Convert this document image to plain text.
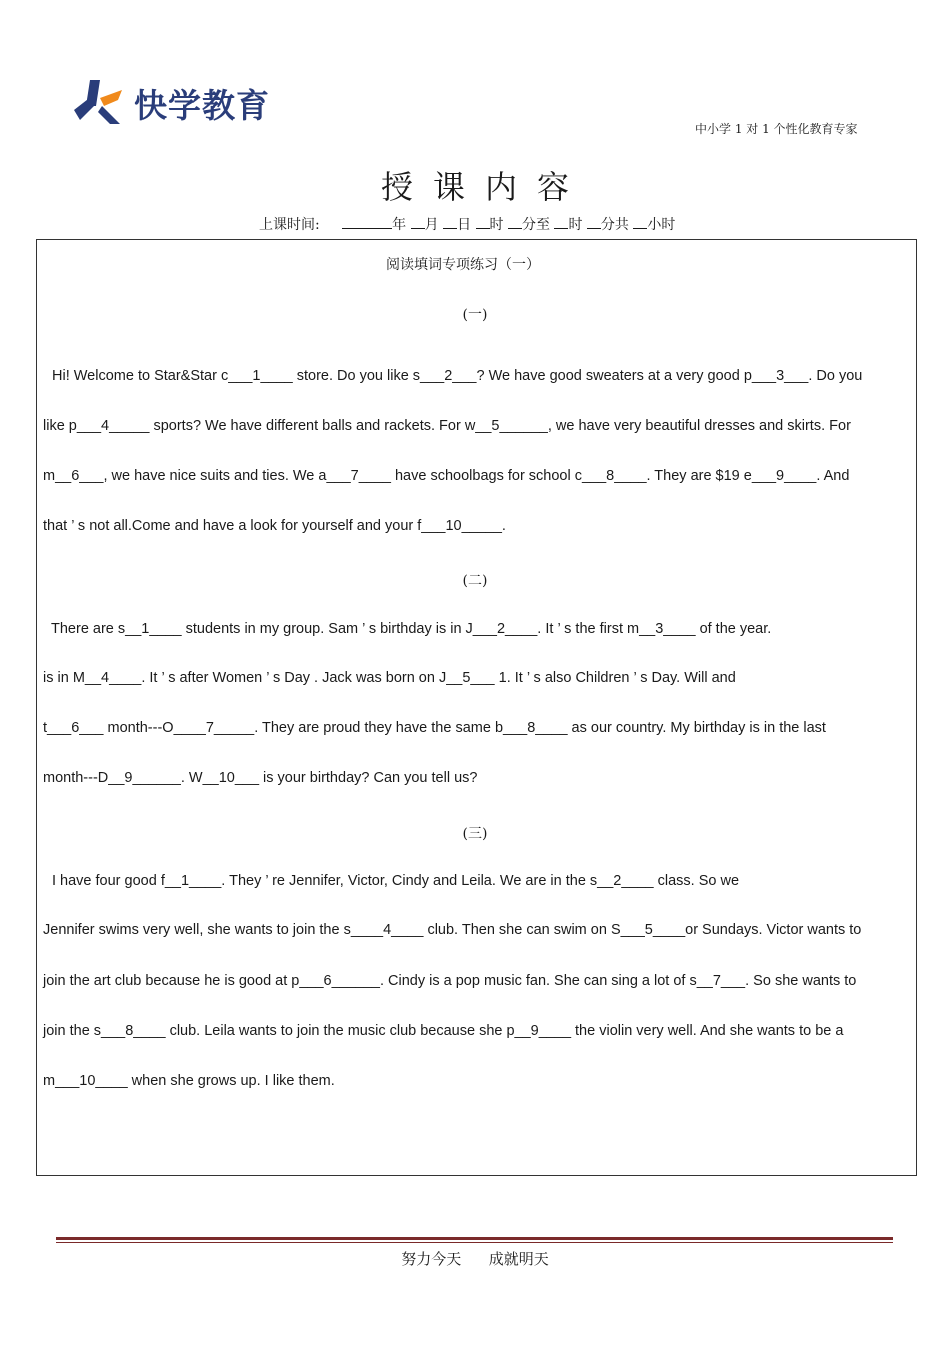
快学教育
中小学 1 对 1 个性化教育专家
授课内容
上课时间:	年 月 日 时 分至 时 分共 小时
阅读填词专项练习（一）
(一)
Hi! Welcome to Star&Star c___1____ store. Do you like s___2___? We have good sweaters at a very good p___3___. Do you
like p___4_____ sports? We have different balls and rackets. For w__5______, we have very beautiful dresses and skirts. For
m__6___, we have nice suits and ties. We a___7____ have schoolbags for school c___8____. They are $19 e___9____. And
that ’ s not all.Come and have a look for yourself and your f___10_____.
(二)
There are s__1____ students in my group. Sam ’ s birthday is in J___2____. It ’ s the first m__3____ of the year.
is in M__4____. It ’ s after Women ’ s Day . Jack was born on J__5___ 1. It ’ s also Children ’ s Day. Will and
t___6___ month---O____7_____. They are proud they have the same b___8____ as our country. My birthday is in the last
month---D__9______. W__10___ is your birthday? Can you tell us?
(三)
I have four good f__1____. They ’ re Jennifer, Victor, Cindy and Leila. We are in the s__2____ class. So we
Jennifer swims very well, she wants to join the s____4____ club. Then she can swim on S___5____or Sundays. Victor wants to
join the art club because he is good at p___6______. Cindy is a pop music fan. She can sing a lot of s__7___. So she wants to
join the s___8____ club. Leila wants to join the music club because she p__9____ the violin very well. And she wants to be a
m___10____ when she grows up. I like them.
努力今天 成就明天
